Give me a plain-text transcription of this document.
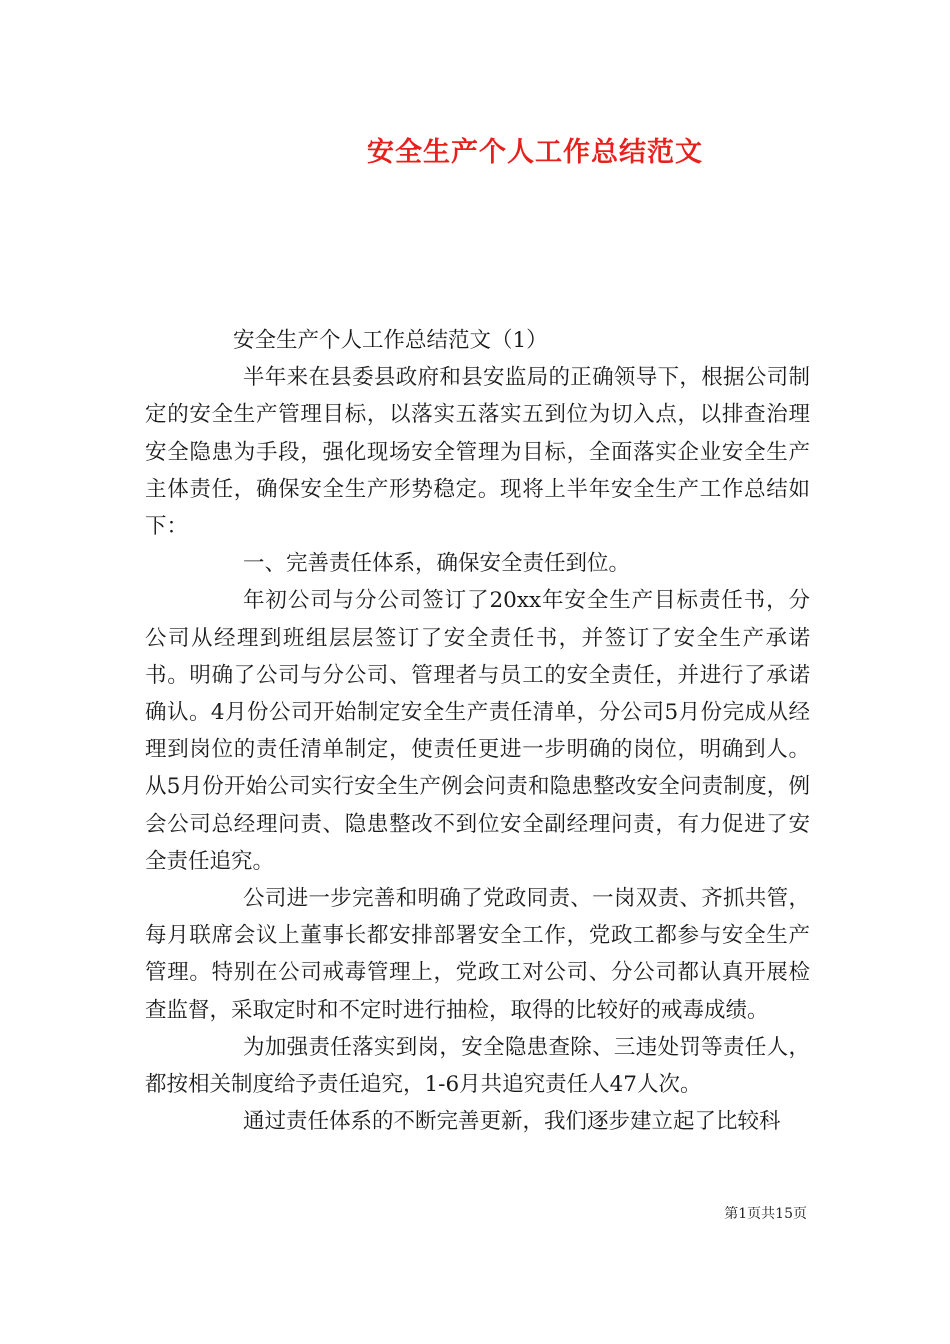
安全生产个人工作总结范文

安全生产个人工作总结范文（1）

半年来在县委县政府和县安监局的正确领导下，根据公司制定的安全生产管理目标，以落实五落实五到位为切入点，以排查治理安全隐患为手段，强化现场安全管理为目标，全面落实企业安全生产主体责任，确保安全生产形势稳定。现将上半年安全生产工作总结如下：

一、完善责任体系，确保安全责任到位。

年初公司与分公司签订了20xx年安全生产目标责任书，分公司从经理到班组层层签订了安全责任书，并签订了安全生产承诺书。明确了公司与分公司、管理者与员工的安全责任，并进行了承诺确认。4月份公司开始制定安全生产责任清单，分公司5月份完成从经理到岗位的责任清单制定，使责任更进一步明确的岗位，明确到人。从5月份开始公司实行安全生产例会问责和隐患整改安全问责制度，例会公司总经理问责、隐患整改不到位安全副经理问责，有力促进了安全责任追究。

公司进一步完善和明确了党政同责、一岗双责、齐抓共管，每月联席会议上董事长都安排部署安全工作，党政工都参与安全生产管理。特别在公司戒毒管理上，党政工对公司、分公司都认真开展检查监督，采取定时和不定时进行抽检，取得的比较好的戒毒成绩。

为加强责任落实到岗，安全隐患查除、三违处罚等责任人，都按相关制度给予责任追究，1-6月共追究责任人47人次。

通过责任体系的不断完善更新，我们逐步建立起了比较科

第1页共15页
